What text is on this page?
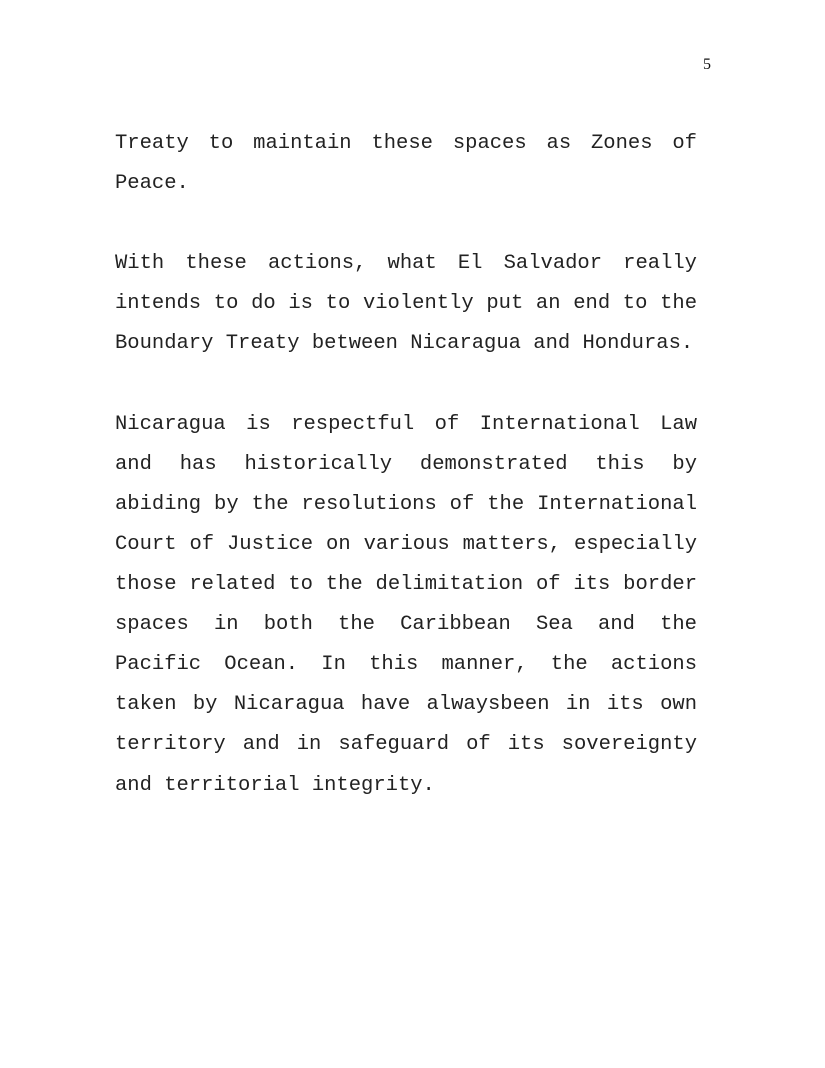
5

Treaty to maintain these spaces as Zones of Peace.

With these actions, what El Salvador really intends to do is to violently put an end to the Boundary Treaty between Nicaragua and Honduras.

Nicaragua is respectful of International Law and has historically demonstrated this by abiding by the resolutions of the International Court of Justice on various matters, especially those related to the delimitation of its border spaces in both the Caribbean Sea and the Pacific Ocean. In this manner, the actions taken by Nicaragua have alwaysbeen in its own territory and in safeguard of its sovereignty and territorial integrity.
